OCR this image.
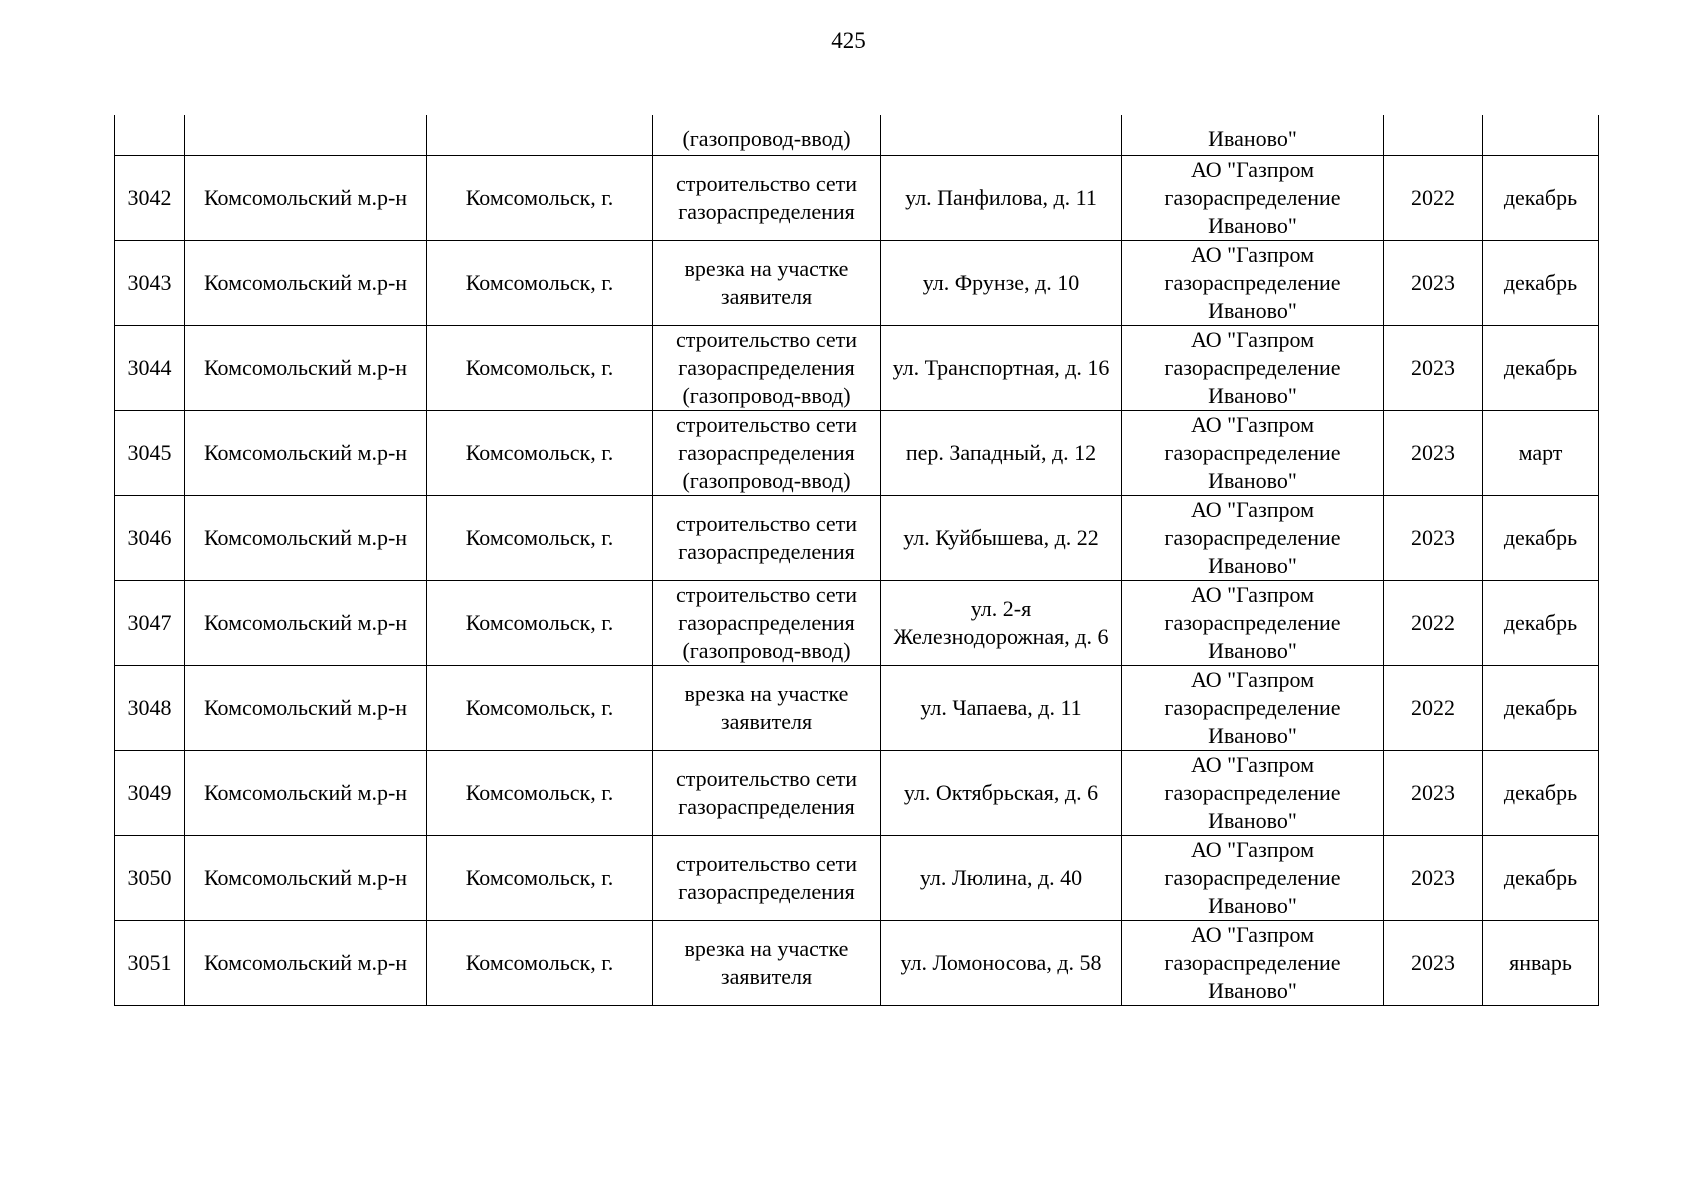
425
			(газопровод-ввод)		Иваново"		
3042	Комсомольский м.р-н	Комсомольск, г.	строительство сети газораспределения	ул. Панфилова, д. 11	АО "Газпром газораспределение Иваново"	2022	декабрь
3043	Комсомольский м.р-н	Комсомольск, г.	врезка на участке заявителя	ул. Фрунзе, д. 10	АО "Газпром газораспределение Иваново"	2023	декабрь
3044	Комсомольский м.р-н	Комсомольск, г.	строительство сети газораспределения (газопровод-ввод)	ул. Транспортная, д. 16	АО "Газпром газораспределение Иваново"	2023	декабрь
3045	Комсомольский м.р-н	Комсомольск, г.	строительство сети газораспределения (газопровод-ввод)	пер. Западный, д. 12	АО "Газпром газораспределение Иваново"	2023	март
3046	Комсомольский м.р-н	Комсомольск, г.	строительство сети газораспределения	ул. Куйбышева, д. 22	АО "Газпром газораспределение Иваново"	2023	декабрь
3047	Комсомольский м.р-н	Комсомольск, г.	строительство сети газораспределения (газопровод-ввод)	ул. 2-я Железнодорожная, д. 6	АО "Газпром газораспределение Иваново"	2022	декабрь
3048	Комсомольский м.р-н	Комсомольск, г.	врезка на участке заявителя	ул. Чапаева, д. 11	АО "Газпром газораспределение Иваново"	2022	декабрь
3049	Комсомольский м.р-н	Комсомольск, г.	строительство сети газораспределения	ул. Октябрьская, д. 6	АО "Газпром газораспределение Иваново"	2023	декабрь
3050	Комсомольский м.р-н	Комсомольск, г.	строительство сети газораспределения	ул. Люлина, д. 40	АО "Газпром газораспределение Иваново"	2023	декабрь
3051	Комсомольский м.р-н	Комсомольск, г.	врезка на участке заявителя	ул. Ломоносова, д. 58	АО "Газпром газораспределение Иваново"	2023	январь
